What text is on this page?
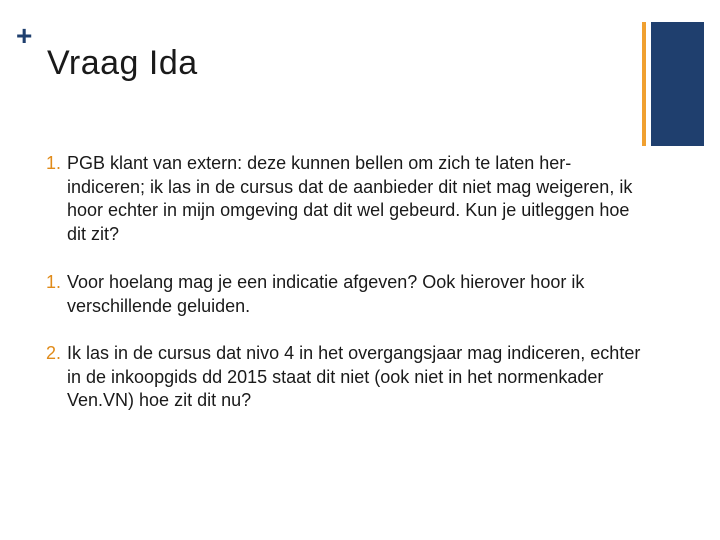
+
Vraag Ida
1. PGB klant van extern: deze kunnen bellen om zich te laten her-indiceren; ik las in de cursus dat de aanbieder dit niet mag weigeren, ik hoor echter in mijn omgeving dat dit wel gebeurd. Kun je uitleggen hoe dit zit?
1. Voor hoelang mag je een indicatie afgeven? Ook hierover hoor ik verschillende geluiden.
2. Ik las in de cursus dat nivo 4 in het overgangsjaar mag indiceren, echter in de inkoopgids dd 2015 staat dit niet (ook niet in het normenkader Ven.VN) hoe zit dit nu?
